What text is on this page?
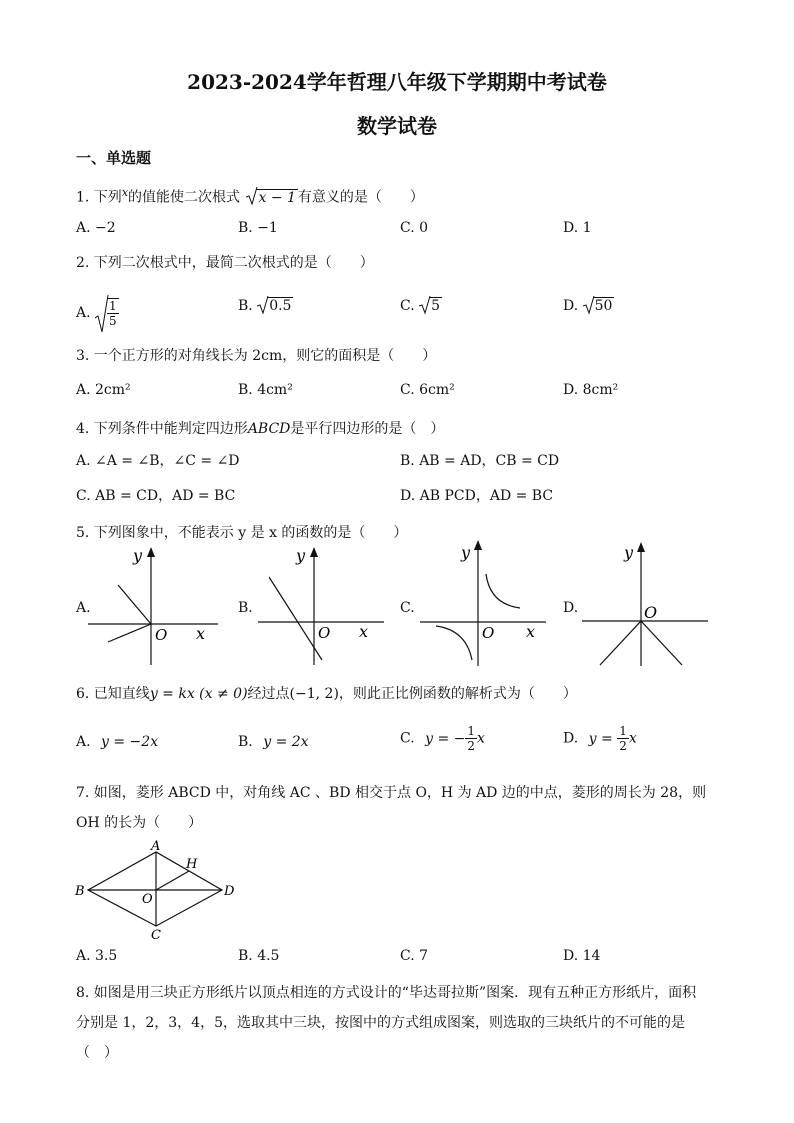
2023-2024学年哲理八年级下学期期中考试卷
数学试卷
一、单选题
1. 下列$^x$的值能使二次根式 x − 1 有意义的是（　　）
A. −2	B. −1	C. 0	D. 1
2. 下列二次根式中，最简二次根式的是（　　）
A. $\frac{1}{5}$	B. 0.5	C. 5	D. 50
3. 一个正方形的对角线长为 2cm，则它的面积是（　　）
A. 2cm²	B. 4cm²	C. 6cm²	D. 8cm²
4. 下列条件中能判定四边形ABCD是平行四边形的是（　）
A. ∠A = ∠B，∠C = ∠D	B. AB = AD，CB = CD
C. AB = CD，AD = BC	D. AB PCD，AD = BC
5. 下列图象中，不能表示 y 是 x 的函数的是（　　）
A.
y
x
O
B.
y
x
O
C.
y
x
O
D.
y
O
6. 已知直线y = kx (x ≠ 0)经过点(−1, 2)，则此正比例函数的解析式为（　　）
A. y = −2x	B. y = 2x	C. y = − $\frac{1}{2}$ x	D. $y = \frac{1}{2}$ x
7. 如图，菱形 ABCD 中，对角线 AC 、BD 相交于点 O，H 为 AD 边的中点，菱形的周长为 28，则
OH 的长为（　　）
A
B
C
D
H
O
A. 3.5	B. 4.5	C. 7	D. 14
8. 如图是用三块正方形纸片以顶点相连的方式设计的“毕达哥拉斯”图案．现有五种正方形纸片，面积
分别是 1，2，3，4，5，选取其中三块，按图中的方式组成图案，则选取的三块纸片的不可能的是
（　）
